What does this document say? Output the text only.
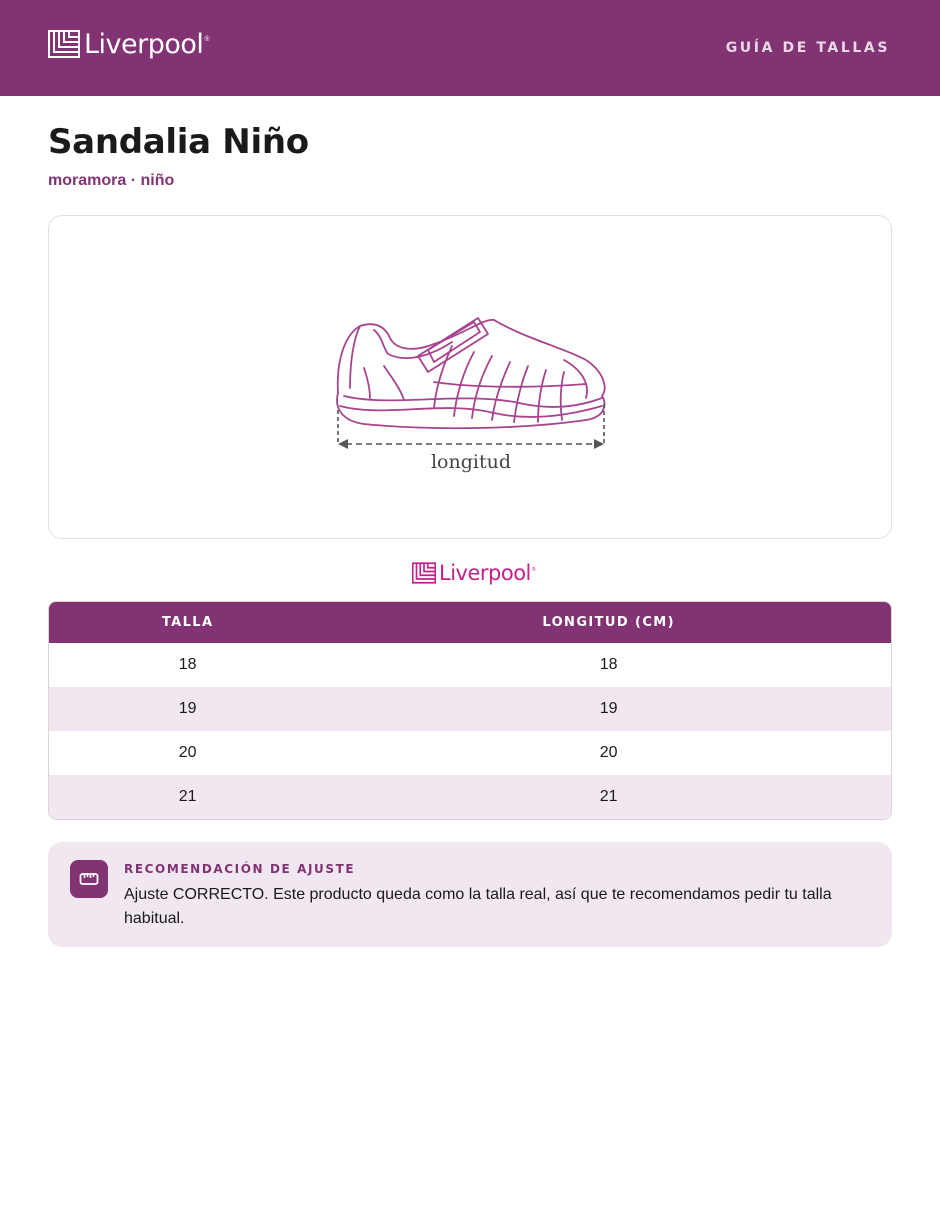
Liverpool ®
GUÍA DE TALLAS
Sandalia Niño
moramora · niño
longitud
Liverpool ®
TALLA	LONGITUD (CM)
18	18
19	19
20	20
21	21
RECOMENDACIÓN DE AJUSTE

Ajuste CORRECTO. Este producto queda como la talla real, así que te recomendamos pedir tu talla habitual.
